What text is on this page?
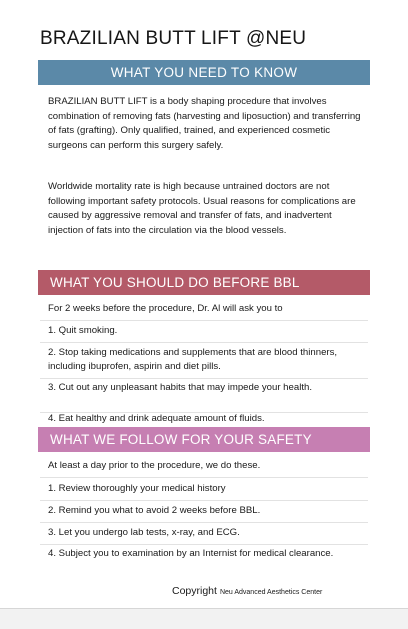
BRAZILIAN BUTT LIFT @NEU
WHAT YOU NEED TO KNOW
BRAZILIAN BUTT LIFT is a body shaping procedure that involves combination of removing fats (harvesting and liposuction) and transferring of fats (grafting). Only qualified, trained, and experienced cosmetic surgeons can perform this surgery safely.
Worldwide mortality rate is high because untrained doctors are not following important safety protocols. Usual reasons for complications are caused by aggressive removal and transfer of fats, and inadvertent injection of fats into the circulation via the blood vessels.
WHAT YOU SHOULD DO BEFORE BBL
For 2 weeks before the procedure, Dr. Al will ask you to
1. Quit smoking.
2. Stop taking medications and supplements that are blood thinners, including ibuprofen, aspirin and diet pills.
3. Cut out any unpleasant habits that may impede your health.
4. Eat healthy and drink adequate amount of fluids.
WHAT WE FOLLOW FOR YOUR SAFETY
At least a day prior to the procedure, we do these.
1. Review thoroughly your medical history
2. Remind you what to avoid 2 weeks before BBL.
3. Let you undergo lab tests, x-ray, and ECG.
4. Subject you to examination by an Internist for medical clearance.
Copyright Neu Advanced Aesthetics Center
